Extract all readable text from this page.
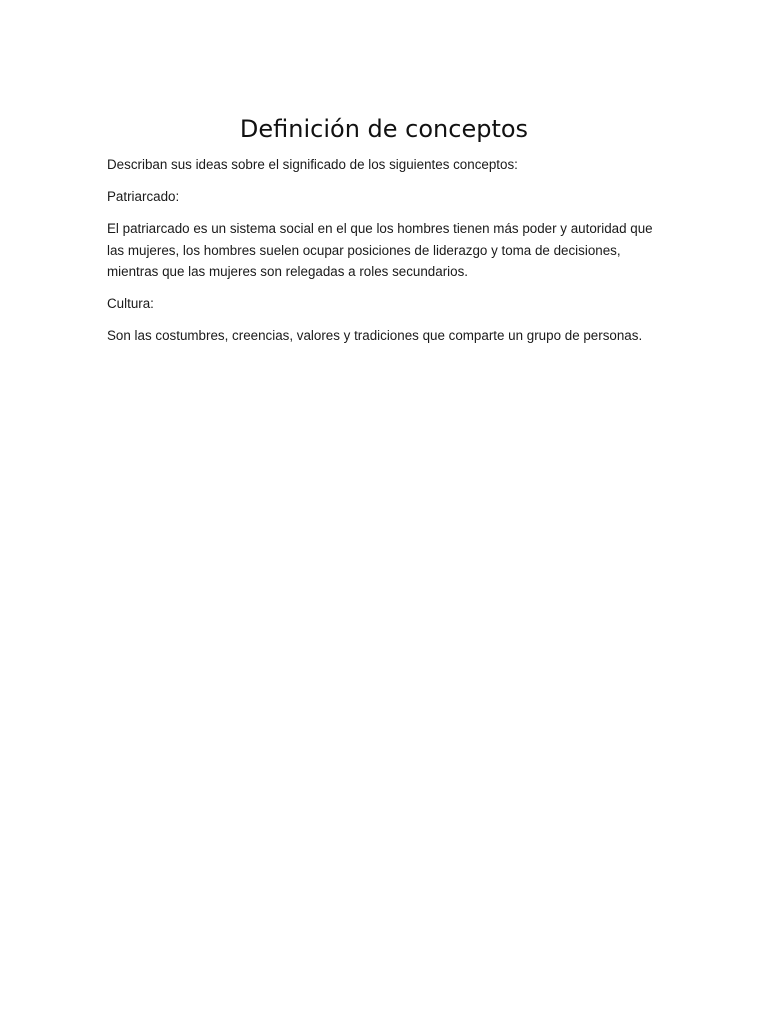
Definición de conceptos

Describan sus ideas sobre el significado de los siguientes conceptos:

Patriarcado:

El patriarcado es un sistema social en el que los hombres tienen más poder y autoridad que las mujeres, los hombres suelen ocupar posiciones de liderazgo y toma de decisiones, mientras que las mujeres son relegadas a roles secundarios.

Cultura:

Son las costumbres, creencias, valores y tradiciones que comparte un grupo de personas.
